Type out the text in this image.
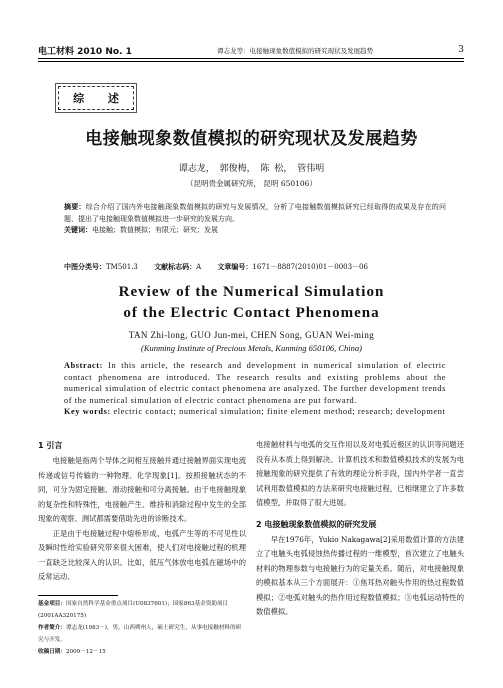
电工材料 2010 No. 1	谭志龙等：电接触现象数值模拟的研究现状及发展趋势	3
综 述
电接触现象数值模拟的研究现状及发展趋势
谭志龙， 郭俊梅， 陈 松， 管伟明
（昆明贵金属研究所， 昆明 650106）
摘要：综合介绍了国内外电接触现象数值模拟的研究与发展情况，分析了电接触数值模拟研究已经取得的成果及存在的问题，提出了电接触现象数值模拟进一步研究的发展方向。
关键词：电接触；数值模拟；有限元；研究；发展
中图分类号：TM501.3 文献标志码：A 文章编号：1671－8887(2010)01－0003－06
Review of the Numerical Simulation
of the Electric Contact Phenomena
TAN Zhi-long, GUO Jun-mei, CHEN Song, GUAN Wei-ming
(Kunming Institute of Precious Metals, Kunming 650106, China)
Abstract: In this article, the research and development in numerical simulation of electric contact phenomena are introduced. The research results and existing problems about the numerical simulation of electric contact phenomena are analyzed. The further development trends of the numerical simulation of electric contact phenomena are put forward.
Key words: electric contact; numerical simulation; finite element method; research; development
1 引言

电接触是指两个导体之间相互接触并通过接触界面实现电流传递或信号传输的一种物理、化学现象[1]。按照接触状态的不同，可分为固定接触、滑动接触和可分离接触。由于电接触现象的复杂性和特殊性，电接触产生、维持和消除过程中发生的全部现象的观察、测试都需要借助先进的诊断技术。

正是由于电接触过程中熔桥形成、电弧产生等的不可见性以及瞬时性给实验研究带来很大困难，使人们对电接触过程的机理一直缺乏比较深入的认识。比如，低压气体放电电弧在磁场中的反常运动、

电接触材料与电弧的交互作用以及对电弧近极区的认识等问题还没有从本质上得到解决。计算机技术和数值模拟技术的发展为电接触现象的研究提供了有效的理论分析手段，国内外学者一直尝试利用数值模拟的方法来研究电接触过程，已相继建立了许多数值模型，并取得了很大进展。

2 电接触现象数值模拟的研究发展

早在1976年，Yukio Nakagawa[2]采用数值计算的方法建立了电触头电弧侵蚀热传播过程的一维模型，首次建立了电触头材料的物理参数与电接触行为的定量关系。随后，对电接触现象的模拟基本从三个方面展开：①焦耳热对触头作用的热过程数值模拟；②电弧对触头的热作用过程数值模拟；③电弧运动特性的数值模拟。

基金项目：国家自然科学基金重点项目(U0837601)；国家863基金资助项目(2001AA320175)
作者简介：谭志龙(1983－)，男，山西朔州人，硕士研究生，从事电接触材料的研究与开发。
收稿日期：2009－12－15
